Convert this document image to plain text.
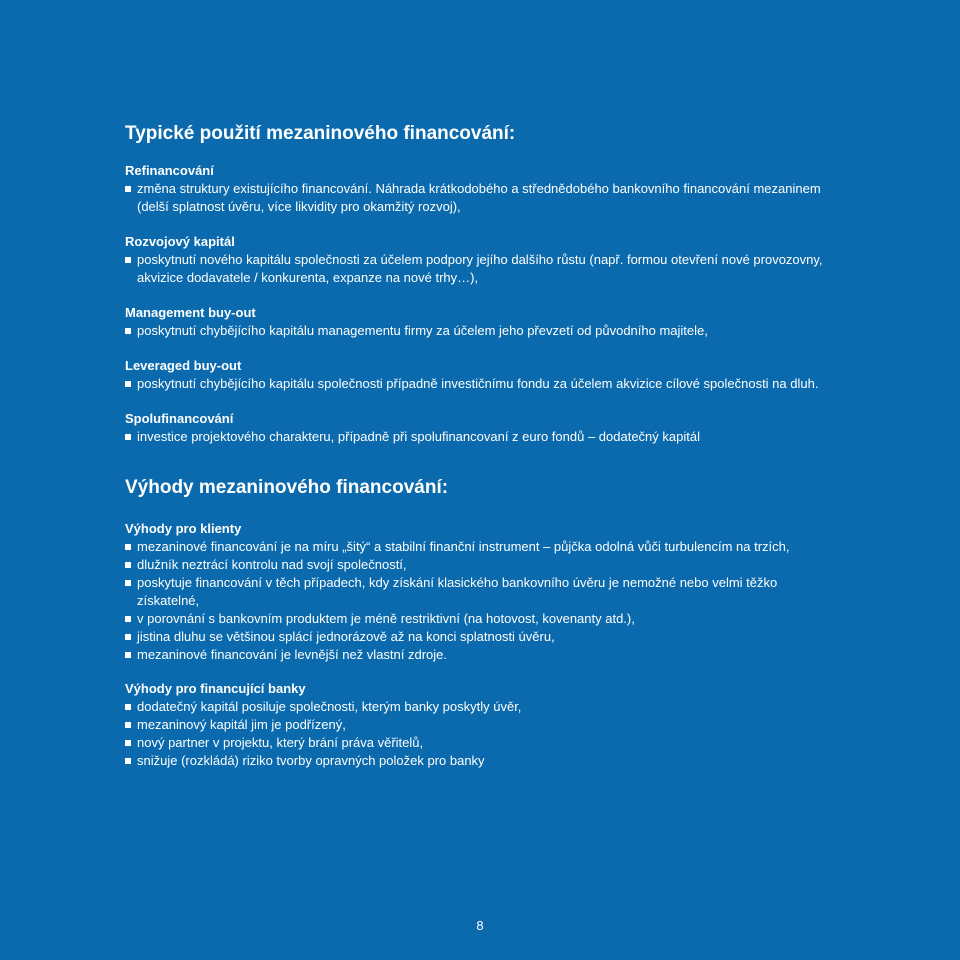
Typické použití mezaninového financování:
Refinancování
změna struktury existujícího financování. Náhrada krátkodobého a střednědobého bankovního financování mezaninem (delší splatnost úvěru, více likvidity pro okamžitý rozvoj),
Rozvojový kapitál
poskytnutí nového kapitálu společnosti za účelem podpory jejího dalšího růstu (např. formou otevření nové provozovny, akvizice dodavatele / konkurenta, expanze na nové trhy…),
Management buy-out
poskytnutí chybějícího kapitálu managementu firmy za účelem jeho převzetí od původního majitele,
Leveraged buy-out
poskytnutí chybějícího kapitálu společnosti případně investičnímu fondu za účelem akvizice cílové společnosti na dluh.
Spolufinancování
investice projektového charakteru, případně při spolufinancovaní z euro fondů – dodatečný kapitál
Výhody mezaninového financování:
Výhody pro klienty
mezaninové financování je na míru „šitý“ a stabilní finanční instrument – půjčka odolná vůči turbulencím na trzích,
dlužník neztrácí kontrolu nad svojí společností,
poskytuje financování v těch případech, kdy získání klasického bankovního úvěru je nemožné nebo velmi těžko získatelné,
v porovnání s bankovním produktem je méně restriktivní (na hotovost, kovenanty atd.),
jistina dluhu se většinou splácí jednorázově až na konci splatnosti úvěru,
mezaninové financování je levnější než vlastní zdroje.
Výhody pro financující banky
dodatečný kapitál posiluje společnosti, kterým banky poskytly úvěr,
mezaninový kapitál jim je podřízený,
nový partner v projektu, který brání práva věřitelů,
snižuje (rozkládá) riziko tvorby opravných položek pro banky
8
